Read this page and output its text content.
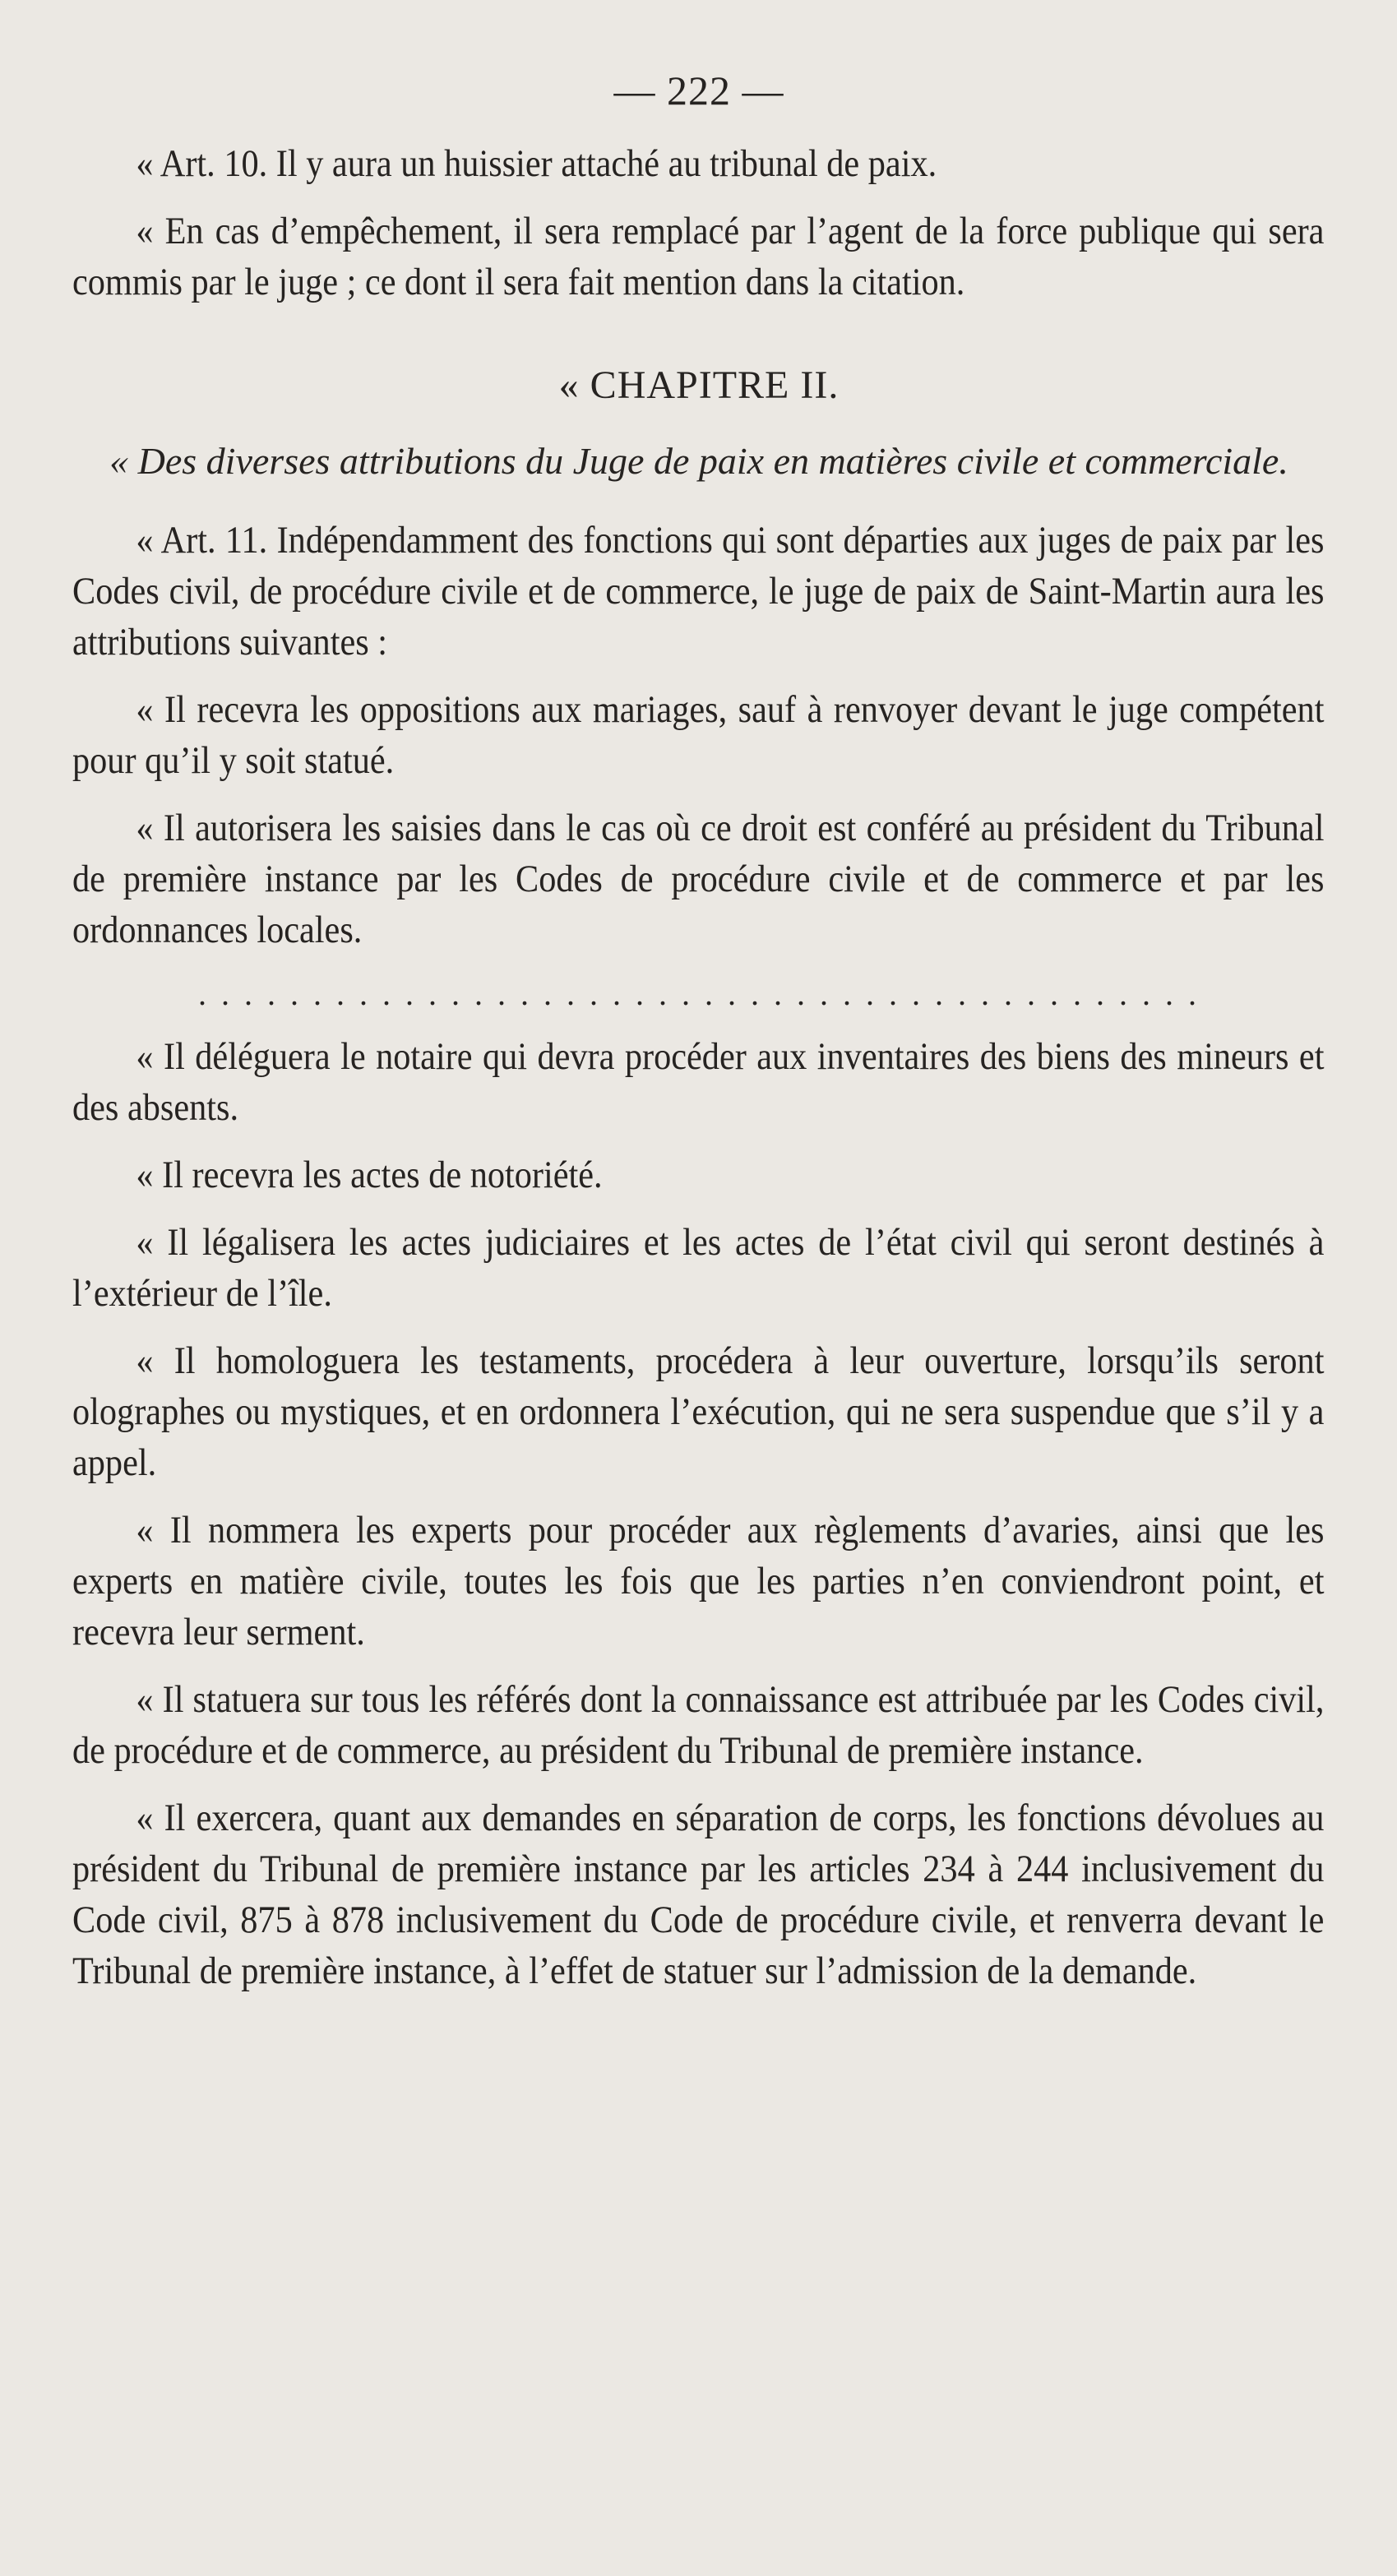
— 222 —

« Art. 10. Il y aura un huissier attaché au tribunal de paix.

« En cas d’empêchement, il sera remplacé par l’agent de la force publique qui sera commis par le juge ; ce dont il sera fait mention dans la citation.

« CHAPITRE II.
« Des diverses attributions du Juge de paix en matières civile et commerciale.

« Art. 11. Indépendamment des fonctions qui sont départies aux juges de paix par les Codes civil, de procédure civile et de commerce, le juge de paix de Saint-Martin aura les attributions suivantes :

« Il recevra les oppositions aux mariages, sauf à renvoyer devant le juge compétent pour qu’il y soit statué.

« Il autorisera les saisies dans le cas où ce droit est conféré au président du Tribunal de première instance par les Codes de procédure civile et de commerce et par les ordonnances locales.

. . . . . . . . . . . . . . . . . . . . . . . . . . . . . . . . . . . . . . . . . . . .

« Il déléguera le notaire qui devra procéder aux inventaires des biens des mineurs et des absents.

« Il recevra les actes de notoriété.

« Il légalisera les actes judiciaires et les actes de l’état civil qui seront destinés à l’extérieur de l’île.

« Il homologuera les testaments, procédera à leur ouverture, lorsqu’ils seront olographes ou mystiques, et en ordonnera l’exécution, qui ne sera suspendue que s’il y a appel.

« Il nommera les experts pour procéder aux règlements d’avaries, ainsi que les experts en matière civile, toutes les fois que les parties n’en conviendront point, et recevra leur serment.

« Il statuera sur tous les référés dont la connaissance est attribuée par les Codes civil, de procédure et de commerce, au président du Tribunal de première instance.

« Il exercera, quant aux demandes en séparation de corps, les fonctions dévolues au président du Tribunal de première instance par les articles 234 à 244 inclusivement du Code civil, 875 à 878 inclusivement du Code de procédure civile, et renverra devant le Tribunal de première instance, à l’effet de statuer sur l’admission de la demande.
